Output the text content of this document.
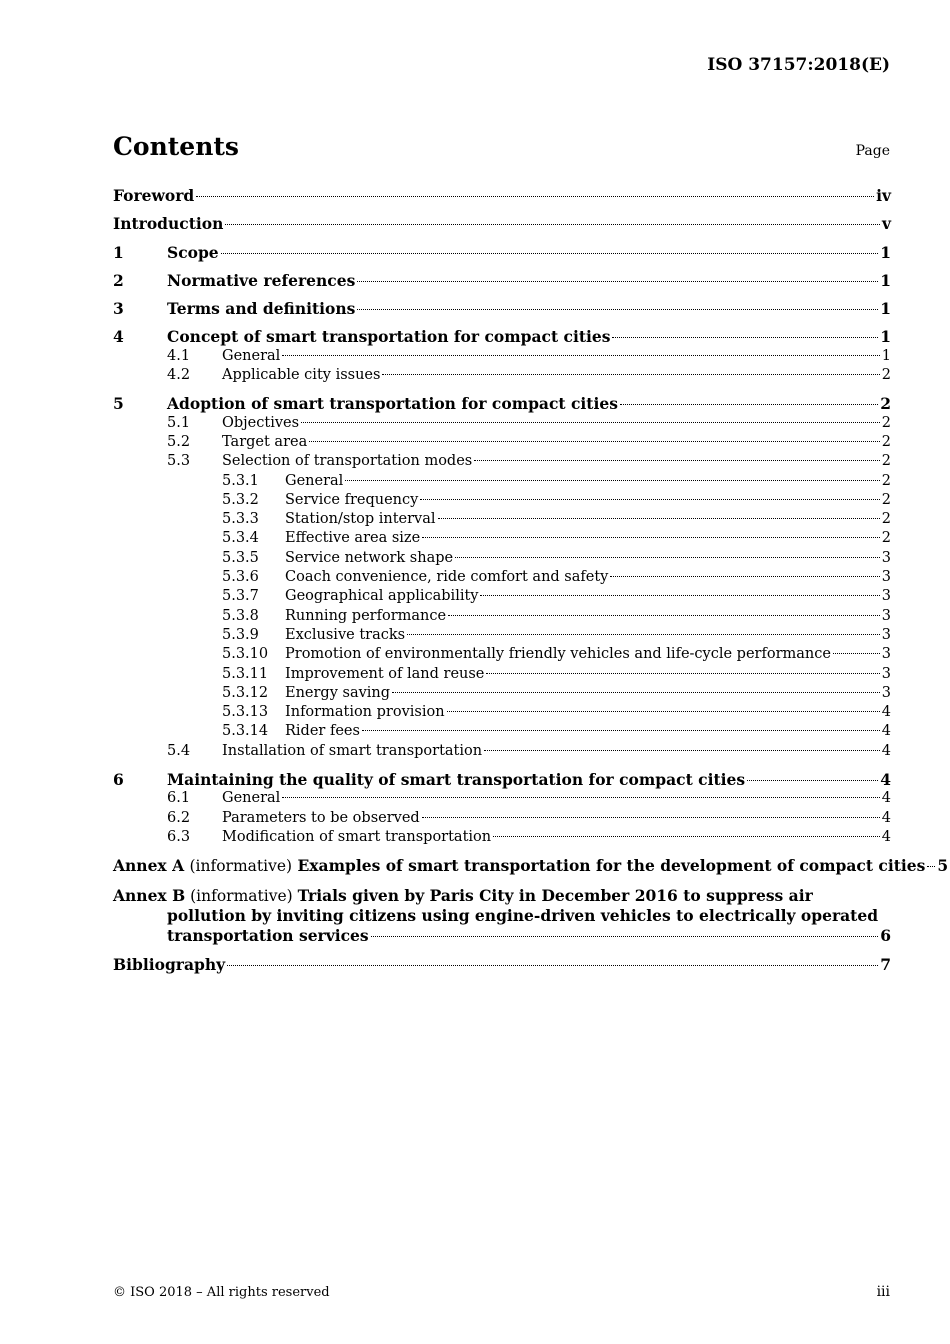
ISO 37157:2018(E)
Contents	Page
Foreword	iv
Introduction	v
1	Scope	1
2	Normative references	1
3	Terms and definitions	1
4	Concept of smart transportation for compact cities	1
4.1	General	1
4.2	Applicable city issues	2
5	Adoption of smart transportation for compact cities	2
5.1	Objectives	2
5.2	Target area	2
5.3	Selection of transportation modes	2
5.3.1	General	2
5.3.2	Service frequency	2
5.3.3	Station/stop interval	2
5.3.4	Effective area size	2
5.3.5	Service network shape	3
5.3.6	Coach convenience, ride comfort and safety	3
5.3.7	Geographical applicability	3
5.3.8	Running performance	3
5.3.9	Exclusive tracks	3
5.3.10	Promotion of environmentally friendly vehicles and life-cycle performance	3
5.3.11	Improvement of land reuse	3
5.3.12	Energy saving	3
5.3.13	Information provision	4
5.3.14	Rider fees	4
5.4	Installation of smart transportation	4
6	Maintaining the quality of smart transportation for compact cities	4
6.1	General	4
6.2	Parameters to be observed	4
6.3	Modification of smart transportation	4
Annex A (informative) Examples of smart transportation for the development of compact cities 5
Annex B (informative) Trials given by Paris City in December 2016 to suppress air
pollution by inviting citizens using engine-driven vehicles to electrically operated
transportation services	6
Bibliography	7
© ISO 2018 – All rights reserved	iii
